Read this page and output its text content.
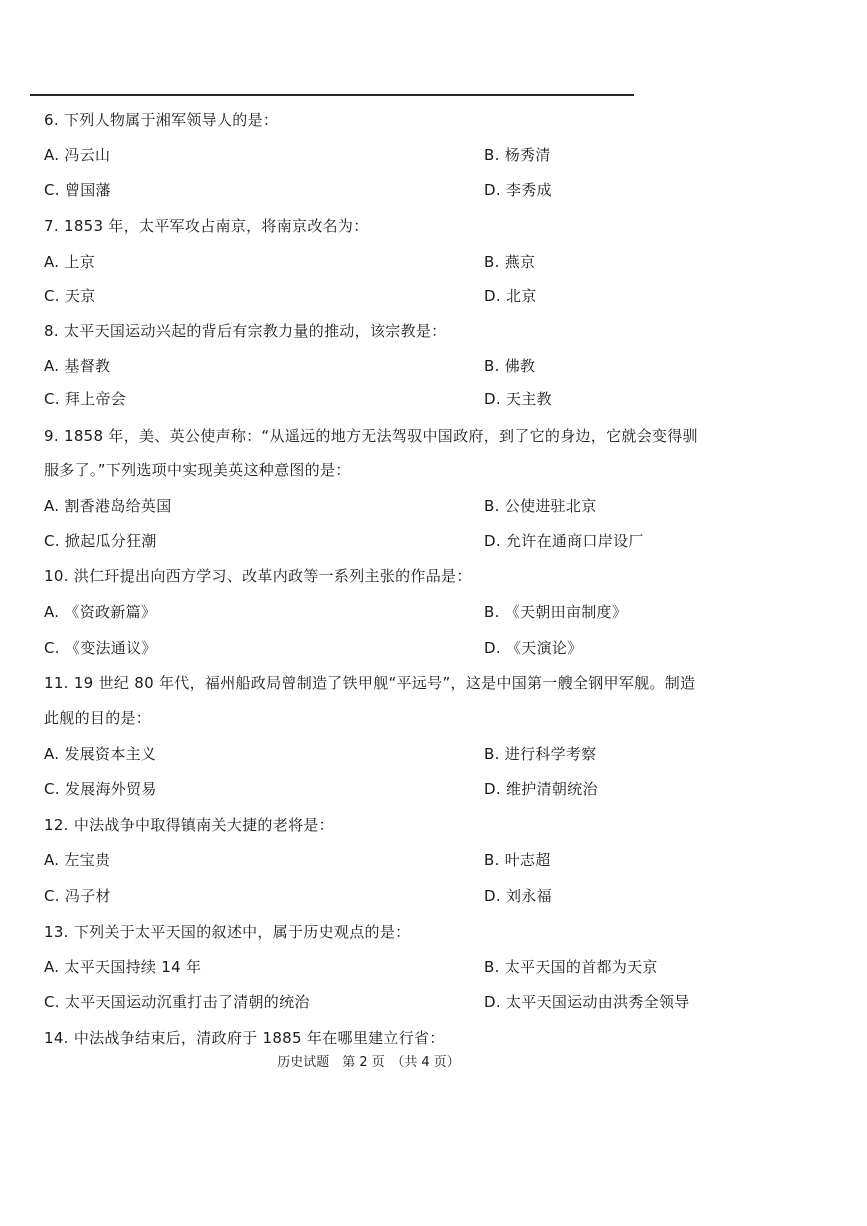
6. 下列人物属于湘军领导人的是：
A. 冯云山	B. 杨秀清
C. 曾国藩	D. 李秀成
7. 1853 年，太平军攻占南京，将南京改名为：
A. 上京	B. 燕京
C. 天京	D. 北京
8. 太平天国运动兴起的背后有宗教力量的推动，该宗教是：
A. 基督教	B. 佛教
C. 拜上帝会	D. 天主教
9. 1858 年，美、英公使声称：“从遥远的地方无法驾驭中国政府，到了它的身边，它就会变得驯
服多了。”下列选项中实现美英这种意图的是：
A. 割香港岛给英国	B. 公使进驻北京
C. 掀起瓜分狂潮	D. 允许在通商口岸设厂
10. 洪仁玕提出向西方学习、改革内政等一系列主张的作品是：
A. 《资政新篇》	B. 《天朝田亩制度》
C. 《变法通议》	D. 《天演论》
11. 19 世纪 80 年代，福州船政局曾制造了铁甲舰“平远号”，这是中国第一艘全钢甲军舰。制造
此舰的目的是：
A. 发展资本主义	B. 进行科学考察
C. 发展海外贸易	D. 维护清朝统治
12. 中法战争中取得镇南关大捷的老将是：
A. 左宝贵	B. 叶志超
C. 冯子材	D. 刘永福
13. 下列关于太平天国的叙述中，属于历史观点的是：
A. 太平天国持续 14 年	B. 太平天国的首都为天京
C. 太平天国运动沉重打击了清朝的统治	D. 太平天国运动由洪秀全领导
14. 中法战争结束后，清政府于 1885 年在哪里建立行省：
历史试题　第 2 页　（共 4 页）
